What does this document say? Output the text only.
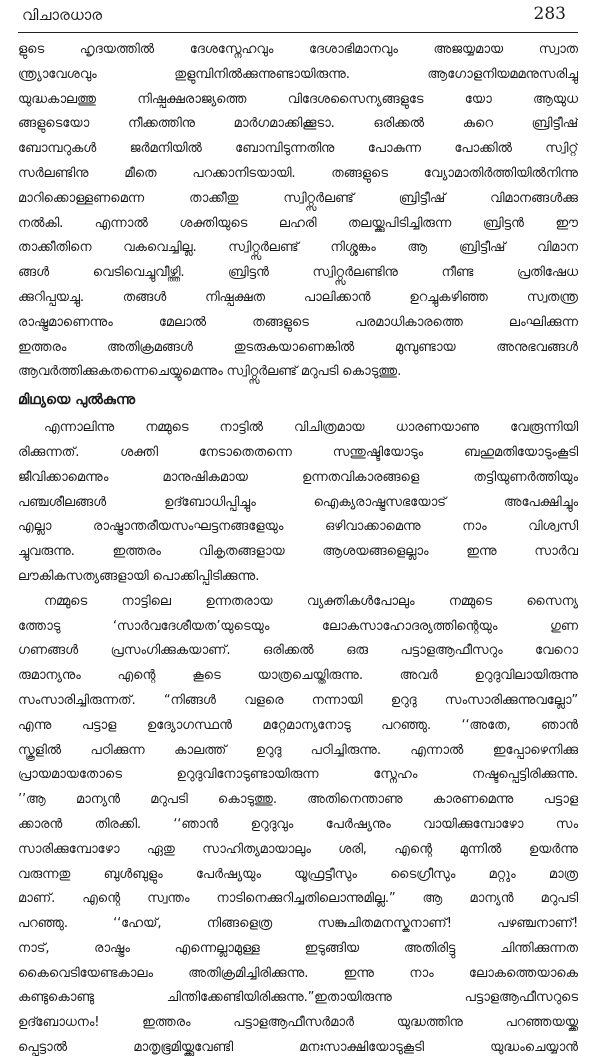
വിചാരധാര	283
ളുടെ ഹൃദയത്തിൽ ദേശസ്നേഹവും ദേശാഭിമാനവും അജയ്യമായ സ്വാത
ന്ത്ര്യാവേശവും തുളുമ്പിനിൽക്കുന്നുണ്ടായിരുന്നു. ആഗോളനിയമമനുസരിച്ചു
യുദ്ധകാലത്തു നിഷ്പക്ഷരാജ്യത്തെ വിദേശസൈന്യങ്ങളുടേ യോ ആയുധ
ങ്ങളുടെയോ നീക്കത്തിനു മാർഗമാക്കിക്കൂടാ. ഒരിക്കൽ കുറെ ബ്രിട്ടീഷ്
ബോമ്പറുകൾ ജർമനിയിൽ ബോമ്പിടുന്നതിനു പോകുന്ന പോക്കിൽ സ്വിറ്റ്
സർലണ്ടിനു മീതെ പറക്കാനിടയായി. തങ്ങളുടെ വ്യോമാതിർത്തിയിൽനിന്നു
മാറിക്കൊള്ളണമെന്ന താക്കീതു സ്വിറ്റ്സർലണ്ട് ബ്രിട്ടീഷ് വിമാനങ്ങൾക്കു
നൽകി. എന്നാൽ ശക്തിയുടെ ലഹരി തലയ്ക്കുപിടിച്ചിരുന്ന ബ്രിട്ടൻ ഈ
താക്കീതിനെ വകവെച്ചില്ല. സ്വിറ്റ്സർലണ്ട് നിശ്ശങ്കം ആ ബ്രിട്ടീഷ് വിമാന
ങ്ങൾ വെടിവെച്ചുവീഴ്ത്തി. ബ്രിട്ടൻ സ്വിറ്റ്സർലണ്ടിനു നീണ്ട പ്രതിഷേധ
ക്കുറിപ്പയച്ചു. തങ്ങൾ നിഷ്പക്ഷത പാലിക്കാൻ ഉറച്ചുകഴിഞ്ഞ സ്വതന്ത്ര
രാഷ്ട്രമാണെന്നും മേലാൽ തങ്ങളുടെ പരമാധികാരത്തെ ലംഘിക്കുന്ന
ഇത്തരം അതിക്രമങ്ങൾ തുടരുകയാണെങ്കിൽ മുമ്പുണ്ടായ അനുഭവങ്ങൾ
ആവർത്തിക്കുകതന്നെചെയ്യുമെന്നും സ്വിറ്റ്സർലണ്ട് മറുപടി കൊടുത്തു.
മിഥ്യയെ പുൽകുന്നു
എന്നാലിന്നു നമ്മുടെ നാട്ടിൽ വിചിത്രമായ ധാരണയാണു വേരൂന്നിയി
രിക്കുന്നത്. ശക്തി നേടാതെതന്നെ സന്തുഷ്ടിയോടും ബഹുമതിയോടുംകൂടി
ജീവിക്കാമെന്നും മാനുഷികമായ ഉന്നതവികാരങ്ങളെ തട്ടിയുണർത്തിയും
പഞ്ചശീലങ്ങൾ ഉദ്ബോധിപ്പിച്ചും ഐക്യരാഷ്ട്രസഭയോട് അപേക്ഷിച്ചും
എല്ലാ രാഷ്ട്രാന്തരീയസംഘട്ടനങ്ങളേയും ഒഴിവാക്കാമെന്നു നാം വിശ്വസി
ച്ചുവരുന്നു. ഇത്തരം വികൃതങ്ങളായ ആശയങ്ങളെല്ലാം ഇന്നു സാർവ
ലൗകികസത്യങ്ങളായി പൊക്കിപ്പിടിക്കുന്നു.
നമ്മുടെ നാട്ടിലെ ഉന്നതരായ വ്യക്തികൾപോലും നമ്മുടെ സൈന്യ
ത്തോടു ‘സാർവദേശീയത’യുടെയും ലോകസാഹോദര്യത്തിന്റെയും ഗുണ
ഗണങ്ങൾ പ്രസംഗിക്കുകയാണ്. ഒരിക്കൽ ഒരു പട്ടാളആഫീസറും വേറൊ
രുമാന്യനും എന്റെ കൂടെ യാത്രചെയ്തിരുന്നു. അവർ ഉറുദുവിലായിരുന്നു
സംസാരിച്ചിരുന്നത്. “നിങ്ങൾ വളരെ നന്നായി ഉറുദു സംസാരിക്കുന്നുവല്ലോ”
എന്നു പട്ടാള ഉദ്യോഗസ്ഥൻ മറ്റേമാന്യനോടു പറഞ്ഞു. ‘‘അതേ, ഞാൻ
സ്കൂളിൽ പഠിക്കുന്ന കാലത്ത് ഉറുദു പഠിച്ചിരുന്നു. എന്നാൽ ഇപ്പോഴെനിക്കു
പ്രായമായതോടെ ഉറുദുവിനോടുണ്ടായിരുന്ന സ്നേഹം നഷ്ടപ്പെട്ടിരിക്കുന്നു.
’’ആ മാന്യൻ മറുപടി കൊടുത്തു. അതിനെന്താണു കാരണമെന്നു പട്ടാള
ക്കാരൻ തിരക്കി. ‘‘ഞാൻ ഉറുദുവും പേർഷ്യനും വായിക്കുമ്പോഴോ സം
സാരിക്കുമ്പോഴോ ഏതു സാഹിത്യമായാലും ശരി, എന്റെ മുന്നിൽ ഉയർന്നു
വരുന്നതു ബുൾബുളും പേർഷ്യയും യൂഫ്രട്ടീസും ടൈഗ്രീസും മറ്റും മാത്ര
മാണ്. എന്റെ സ്വന്തം നാടിനെക്കുറിച്ചതിലൊന്നുമില്ല.” ആ മാന്യൻ മറുപടി
പറഞ്ഞു. ‘‘ഹേയ്, നിങ്ങളെത്ര സങ്കുചിതമനസ്കനാണ്! പഴഞ്ചനാണ്!
നാട്, രാഷ്ട്രം എന്നെല്ലാമുള്ള ഇടുങ്ങിയ അതിരിട്ടു ചിന്തിക്കുന്നത
കൈവെടിയേണ്ടകാലം അതിക്രമിച്ചിരിക്കുന്നു. ഇന്നു നാം ലോകത്തെയാകെ
കണ്ടുകൊണ്ടു ചിന്തിക്കേണ്ടിയിരിക്കുന്നു.”ഇതായിരുന്നു പട്ടാളആഫീസറുടെ
ഉദ്ബോധനം! ഇത്തരം പട്ടാളആഫീസർമാർ യുദ്ധത്തിനു പറഞ്ഞയയ്ക്ക
പ്പെട്ടാൽ മാതൃഭൂമിയ്ക്കുവേണ്ടി മനഃസാക്ഷിയോടുകൂടി യുദ്ധംചെയ്യാൻ
